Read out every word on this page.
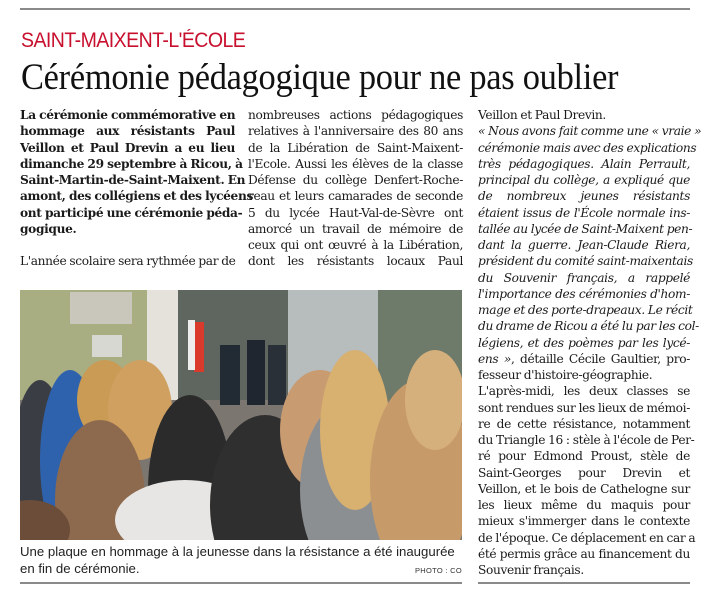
SAINT-MAIXENT-L'ÉCOLE
Cérémonie pédagogique pour ne pas oublier
La cérémonie commémorative en
hommage aux résistants Paul
Veillon et Paul Drevin a eu lieu
dimanche 29 septembre à Ricou, à
Saint-Martin-de-Saint-Maixent. En
amont, des collégiens et des lycéens
ont participé une cérémonie péda-
gogique.
L'année scolaire sera rythmée par de
nombreuses actions pédagogiques
relatives à l'anniversaire des 80 ans
de la Libération de Saint-Maixent-
l'Ecole. Aussi les élèves de la classe
Défense du collège Denfert-Roche-
reau et leurs camarades de seconde
5 du lycée Haut-Val-de-Sèvre ont
amorcé un travail de mémoire de
ceux qui ont œuvré à la Libération,
dont les résistants locaux Paul
Veillon et Paul Drevin.
« Nous avons fait comme une « vraie »
cérémonie mais avec des explications
très pédagogiques. Alain Perrault,
principal du collège, a expliqué que
de nombreux jeunes résistants
étaient issus de l'École normale ins-
tallée au lycée de Saint-Maixent pen-
dant la guerre. Jean-Claude Riera,
président du comité saint-maixentais
du Souvenir français, a rappelé
l'importance des cérémonies d'hom-
mage et des porte-drapeaux. Le récit
du drame de Ricou a été lu par les col-
légiens, et des poèmes par les lycé-
ens », détaille Cécile Gaultier, pro-
fesseur d'histoire-géographie.
L'après-midi, les deux classes se
sont rendues sur les lieux de mémoi-
re de cette résistance, notamment
du Triangle 16 : stèle à l'école de Per-
ré pour Edmond Proust, stèle de
Saint-Georges pour Drevin et
Veillon, et le bois de Cathelogne sur
les lieux même du maquis pour
mieux s'immerger dans le contexte
de l'époque. Ce déplacement en car a
été permis grâce au financement du
Souvenir français.
Une plaque en hommage à la jeunesse dans la résistance a été inaugurée en fin de cérémonie.	PHOTO : CO
